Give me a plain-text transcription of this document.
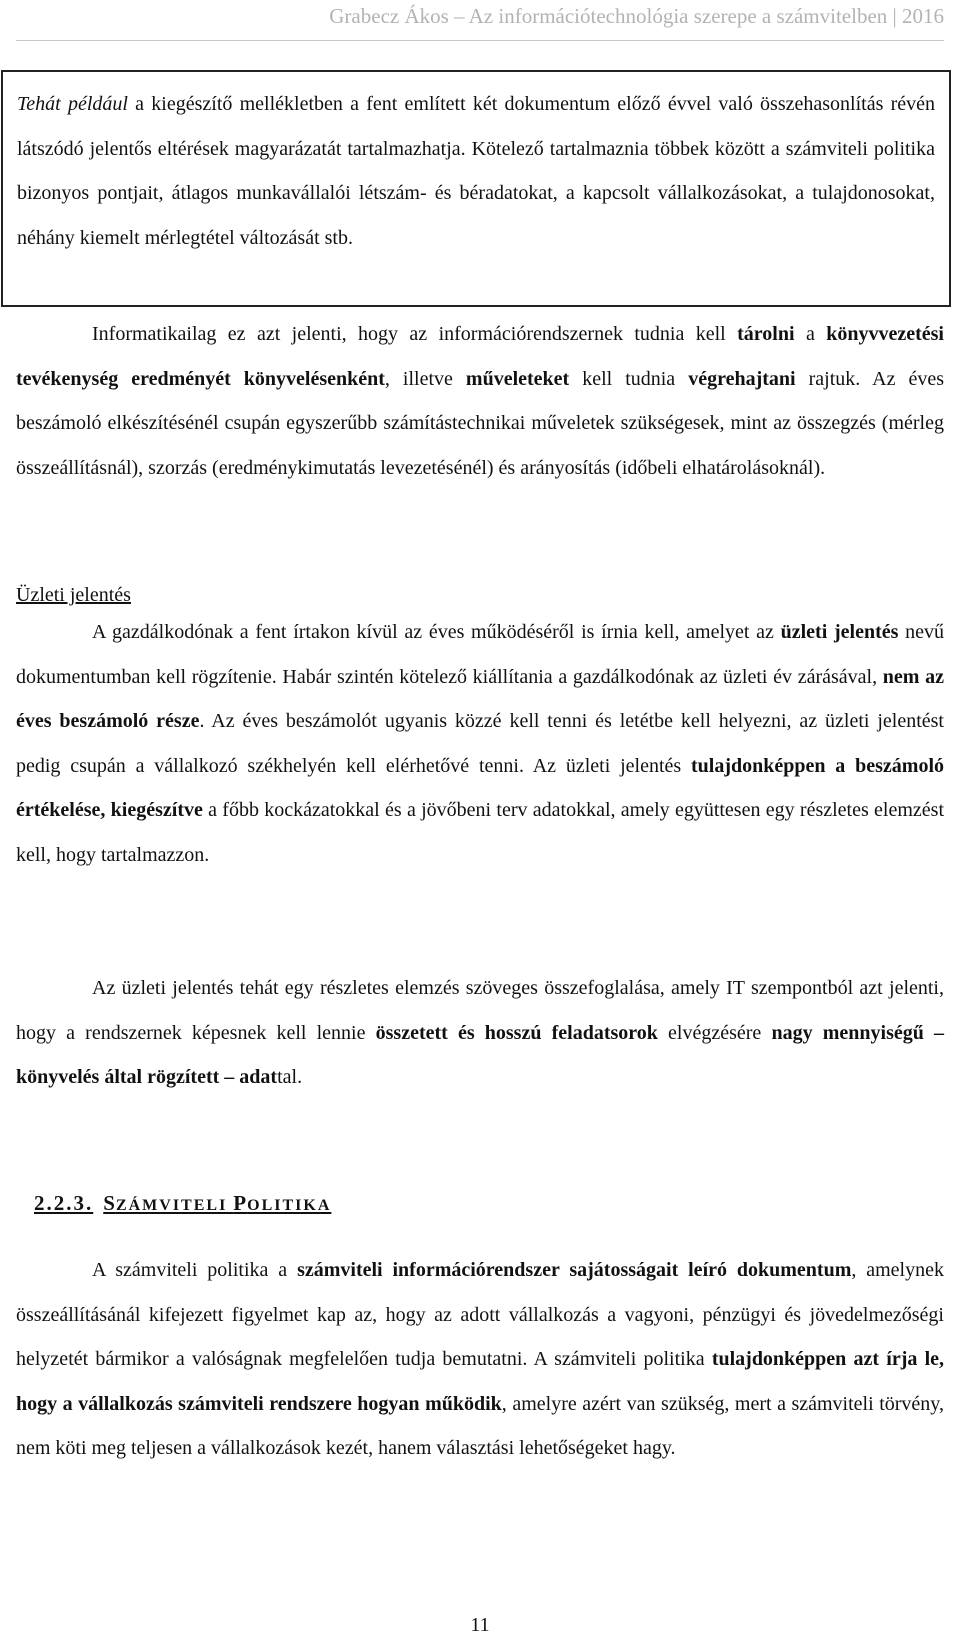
Grabecz Ákos – Az információtechnológia szerepe a számvitelben | 2016

Tehát például a kiegészítő mellékletben a fent említett két dokumentum előző évvel való összehasonlítás révén látszódó jelentős eltérések magyarázatát tartalmazhatja. Kötelező tartalmaznia többek között a számviteli politika bizonyos pontjait, átlagos munkavállalói létszám- és béradatokat, a kapcsolt vállalkozásokat, a tulajdonosokat, néhány kiemelt mérlegtétel változását stb.

Informatikailag ez azt jelenti, hogy az információrendszernek tudnia kell tárolni a könyvvezetési tevékenység eredményét könyvelésenként, illetve műveleteket kell tudnia végrehajtani rajtuk. Az éves beszámoló elkészítésénél csupán egyszerűbb számítástechnikai műveletek szükségesek, mint az összegzés (mérleg összeállításnál), szorzás (eredménykimutatás levezetésénél) és arányosítás (időbeli elhatárolásoknál).

Üzleti jelentés

A gazdálkodónak a fent írtakon kívül az éves működéséről is írnia kell, amelyet az üzleti jelentés nevű dokumentumban kell rögzítenie. Habár szintén kötelező kiállítania a gazdálkodónak az üzleti év zárásával, nem az éves beszámoló része. Az éves beszámolót ugyanis közzé kell tenni és letétbe kell helyezni, az üzleti jelentést pedig csupán a vállalkozó székhelyén kell elérhetővé tenni. Az üzleti jelentés tulajdonképpen a beszámoló értékelése, kiegészítve a főbb kockázatokkal és a jövőbeni terv adatokkal, amely együttesen egy részletes elemzést kell, hogy tartalmazzon.

Az üzleti jelentés tehát egy részletes elemzés szöveges összefoglalása, amely IT szempontból azt jelenti, hogy a rendszernek képesnek kell lennie összetett és hosszú feladatsorok elvégzésére nagy mennyiségű – könyvelés által rögzített – adattal.

2.2.3. SZÁMVITELI POLITIKA

A számviteli politika a számviteli információrendszer sajátosságait leíró dokumentum, amelynek összeállításánál kifejezett figyelmet kap az, hogy az adott vállalkozás a vagyoni, pénzügyi és jövedelmezőségi helyzetét bármikor a valóságnak megfelelően tudja bemutatni. A számviteli politika tulajdonképpen azt írja le, hogy a vállalkozás számviteli rendszere hogyan működik, amelyre azért van szükség, mert a számviteli törvény, nem köti meg teljesen a vállalkozások kezét, hanem választási lehetőségeket hagy.

11
